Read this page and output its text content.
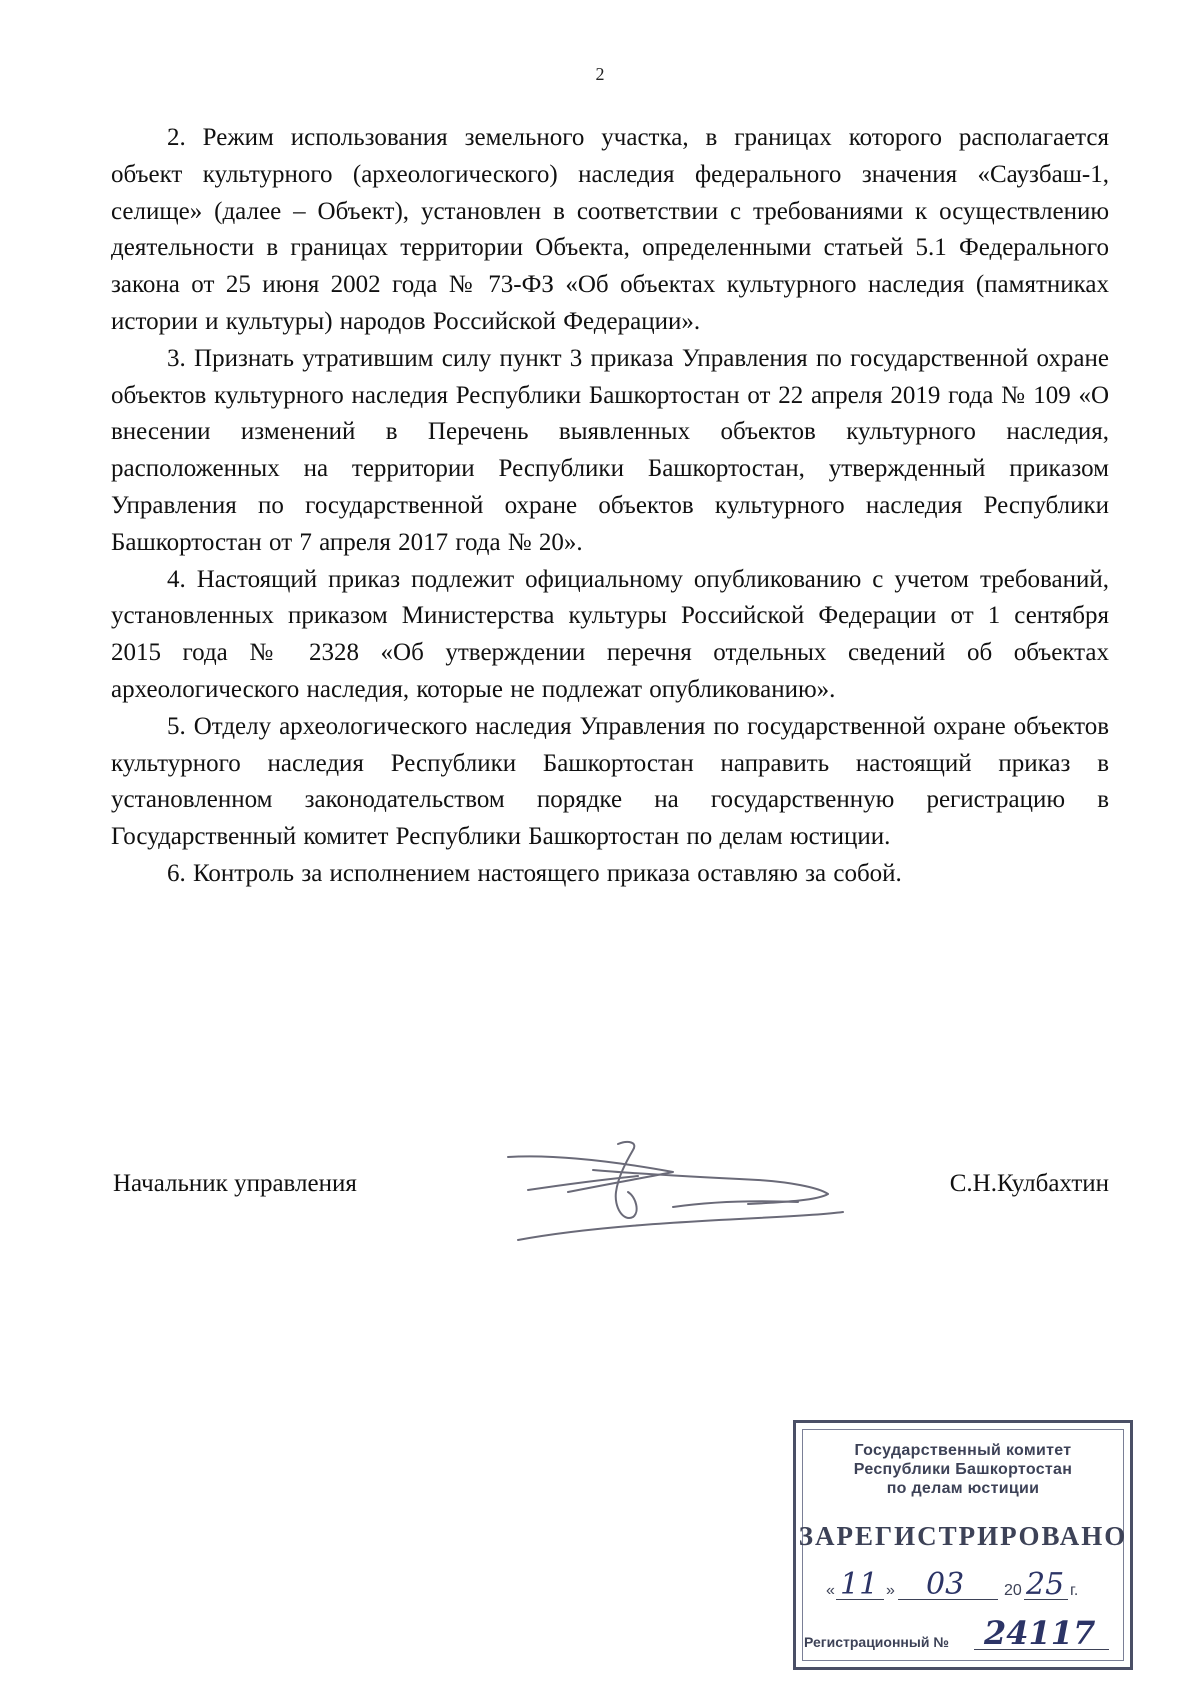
2

2. Режим использования земельного участка, в границах которого располагается объект культурного (археологического) наследия федерального значения «Саузбаш-1, селище» (далее – Объект), установлен в соответствии с требованиями к осуществлению деятельности в границах территории Объекта, определенными статьей 5.1 Федерального закона от 25 июня 2002 года № 73-ФЗ «Об объектах культурного наследия (памятниках истории и культуры) народов Российской Федерации».

3. Признать утратившим силу пункт 3 приказа Управления по государственной охране объектов культурного наследия Республики Башкортостан от 22 апреля 2019 года № 109 «О внесении изменений в Перечень выявленных объектов культурного наследия, расположенных на территории Республики Башкортостан, утвержденный приказом Управления по государственной охране объектов культурного наследия Республики Башкортостан от 7 апреля 2017 года № 20».

4. Настоящий приказ подлежит официальному опубликованию с учетом требований, установленных приказом Министерства культуры Российской Федерации от 1 сентября 2015 года № 2328 «Об утверждении перечня отдельных сведений об объектах археологического наследия, которые не подлежат опубликованию».

5. Отделу археологического наследия Управления по государственной охране объектов культурного наследия Республики Башкортостан направить настоящий приказ в установленном законодательством порядке на государственную регистрацию в Государственный комитет Республики Башкортостан по делам юстиции.

6. Контроль за исполнением настоящего приказа оставляю за собой.

Начальник управления	С.Н.Кулбахтин
Государственный комитет
Республики Башкортостан
по делам юстиции
ЗАРЕГИСТРИРОВАНО
« 11 » 03 20 25 г.
Регистрационный № 24117
